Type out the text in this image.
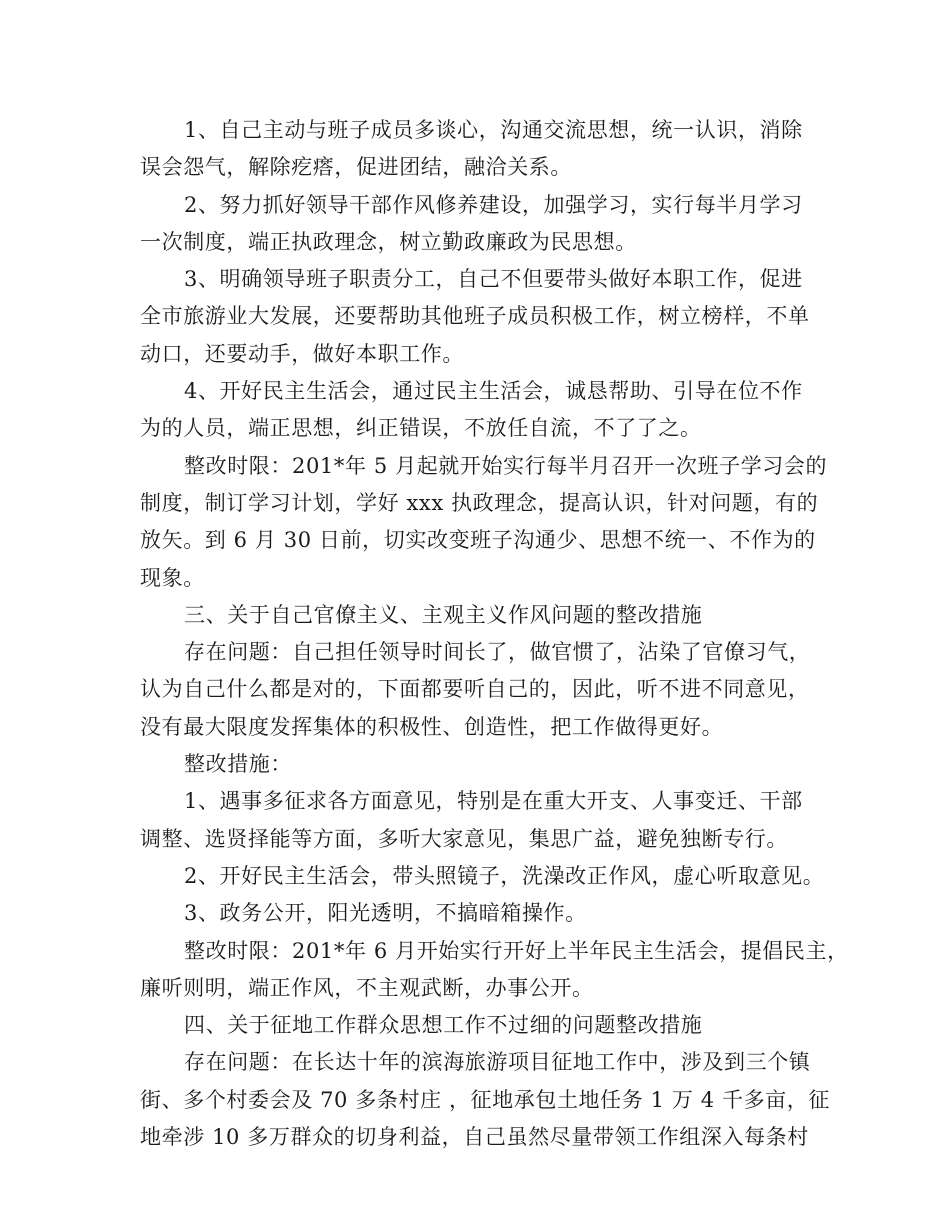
1、自己主动与班子成员多谈心，沟通交流思想，统一认识，消除
误会怨气，解除疙瘩，促进团结，融洽关系。
2、努力抓好领导干部作风修养建设，加强学习，实行每半月学习
一次制度，端正执政理念，树立勤政廉政为民思想。
3、明确领导班子职责分工，自己不但要带头做好本职工作，促进
全市旅游业大发展，还要帮助其他班子成员积极工作，树立榜样，不单
动口，还要动手，做好本职工作。
4、开好民主生活会，通过民主生活会，诚恳帮助、引导在位不作
为的人员，端正思想，纠正错误，不放任自流，不了了之。
整改时限：201*年 5 月起就开始实行每半月召开一次班子学习会的
制度，制订学习计划，学好 xxx 执政理念，提高认识，针对问题，有的
放矢。到 6 月 30 日前，切实改变班子沟通少、思想不统一、不作为的
现象。
三、关于自己官僚主义、主观主义作风问题的整改措施
存在问题：自己担任领导时间长了，做官惯了，沾染了官僚习气，
认为自己什么都是对的，下面都要听自己的，因此，听不进不同意见，
没有最大限度发挥集体的积极性、创造性，把工作做得更好。
整改措施：
1、遇事多征求各方面意见，特别是在重大开支、人事变迁、干部
调整、选贤择能等方面，多听大家意见，集思广益，避免独断专行。
2、开好民主生活会，带头照镜子，洗澡改正作风，虚心听取意见。
3、政务公开，阳光透明，不搞暗箱操作。
整改时限：201*年 6 月开始实行开好上半年民主生活会，提倡民主，
廉听则明，端正作风，不主观武断，办事公开。
四、关于征地工作群众思想工作不过细的问题整改措施
存在问题：在长达十年的滨海旅游项目征地工作中，涉及到三个镇
街、多个村委会及 70 多条村庄 ，征地承包土地任务 1 万 4 千多亩，征
地牵涉 10 多万群众的切身利益，自己虽然尽量带领工作组深入每条村
